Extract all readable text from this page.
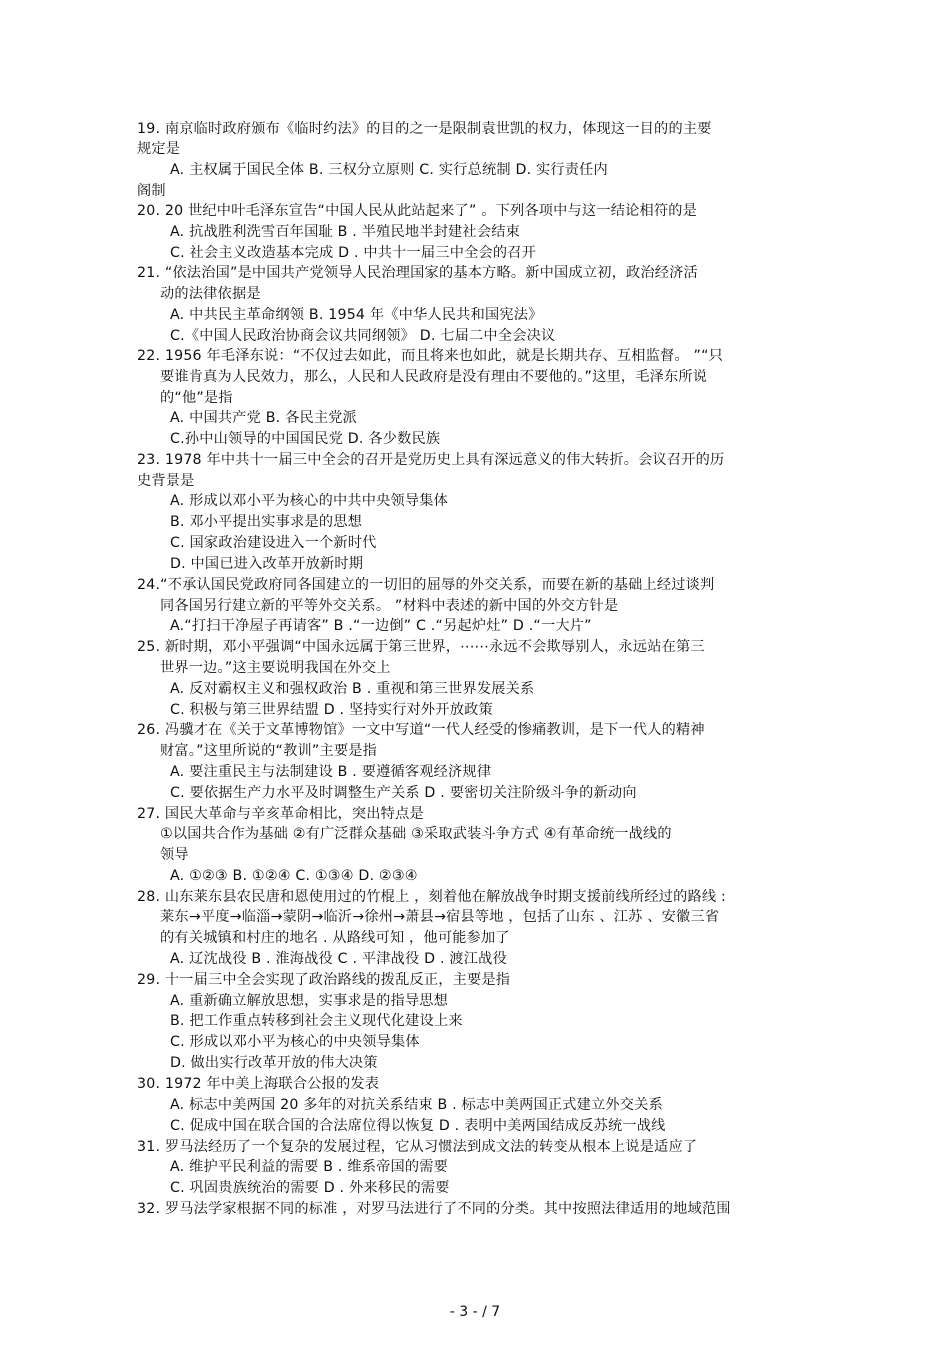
19. 南京临时政府颁布《临时约法》的目的之一是限制袁世凯的权力，体现这一目的的主要
规定是
A. 主权属于国民全体 B. 三权分立原则 C. 实行总统制 D. 实行责任内
阁制
20. 20 世纪中叶毛泽东宣告“中国人民从此站起来了” 。下列各项中与这一结论相符的是
A. 抗战胜利洗雪百年国耻 B . 半殖民地半封建社会结束
C. 社会主义改造基本完成 D . 中共十一届三中全会的召开
21. “依法治国”是中国共产党领导人民治理国家的基本方略。新中国成立初，政治经济活
动的法律依据是
A. 中共民主革命纲领 B. 1954 年《中华人民共和国宪法》
C.《中国人民政治协商会议共同纲领》 D. 七届二中全会决议
22. 1956 年毛泽东说：“不仅过去如此，而且将来也如此，就是长期共存、互相监督。 ”“只
要谁肯真为人民效力，那么，人民和人民政府是没有理由不要他的。”这里，毛泽东所说
的“他”是指
A. 中国共产党 B. 各民主党派
C.孙中山领导的中国国民党 D. 各少数民族
23. 1978 年中共十一届三中全会的召开是党历史上具有深远意义的伟大转折。会议召开的历
史背景是
A. 形成以邓小平为核心的中共中央领导集体
B. 邓小平提出实事求是的思想
C. 国家政治建设进入一个新时代
D. 中国已进入改革开放新时期
24.“不承认国民党政府同各国建立的一切旧的屈辱的外交关系，而要在新的基础上经过谈判
同各国另行建立新的平等外交关系。 ”材料中表述的新中国的外交方针是
A.“打扫干净屋子再请客” B .“一边倒” C .“另起炉灶” D .“一大片”
25. 新时期，邓小平强调“中国永远属于第三世界，⋯⋯永远不会欺辱别人，永远站在第三
世界一边。”这主要说明我国在外交上
A. 反对霸权主义和强权政治 B . 重视和第三世界发展关系
C. 积极与第三世界结盟 D . 坚持实行对外开放政策
26. 冯骥才在《关于文革博物馆》一文中写道“一代人经受的惨痛教训，是下一代人的精神
财富。”这里所说的“教训”主要是指
A. 要注重民主与法制建设 B . 要遵循客观经济规律
C. 要依据生产力水平及时调整生产关系 D . 要密切关注阶级斗争的新动向
27. 国民大革命与辛亥革命相比，突出特点是
①以国共合作为基础 ②有广泛群众基础 ③采取武装斗争方式 ④有革命统一战线的
领导
A. ①②③ B. ①②④ C. ①③④ D. ②③④
28. 山东莱东县农民唐和恩使用过的竹棍上 ，刻着他在解放战争时期支援前线所经过的路线 :
莱东→平度→临淄→蒙阴→临沂→徐州→萧县→宿县等地 ，包括了山东 、江苏 、安徽三省
的有关城镇和村庄的地名 . 从路线可知 ，他可能参加了
A. 辽沈战役 B . 淮海战役 C . 平津战役 D . 渡江战役
29. 十一届三中全会实现了政治路线的拨乱反正，主要是指
A. 重新确立解放思想，实事求是的指导思想
B. 把工作重点转移到社会主义现代化建设上来
C. 形成以邓小平为核心的中央领导集体
D. 做出实行改革开放的伟大决策
30. 1972 年中美上海联合公报的发表
A. 标志中美两国 20 多年的对抗关系结束 B . 标志中美两国正式建立外交关系
C. 促成中国在联合国的合法席位得以恢复 D . 表明中美两国结成反苏统一战线
31. 罗马法经历了一个复杂的发展过程，它从习惯法到成文法的转变从根本上说是适应了
A. 维护平民利益的需要 B . 维系帝国的需要
C. 巩固贵族统治的需要 D . 外来移民的需要
32. 罗马法学家根据不同的标准 ，对罗马法进行了不同的分类。其中按照法律适用的地域范围
- 3 - / 7
